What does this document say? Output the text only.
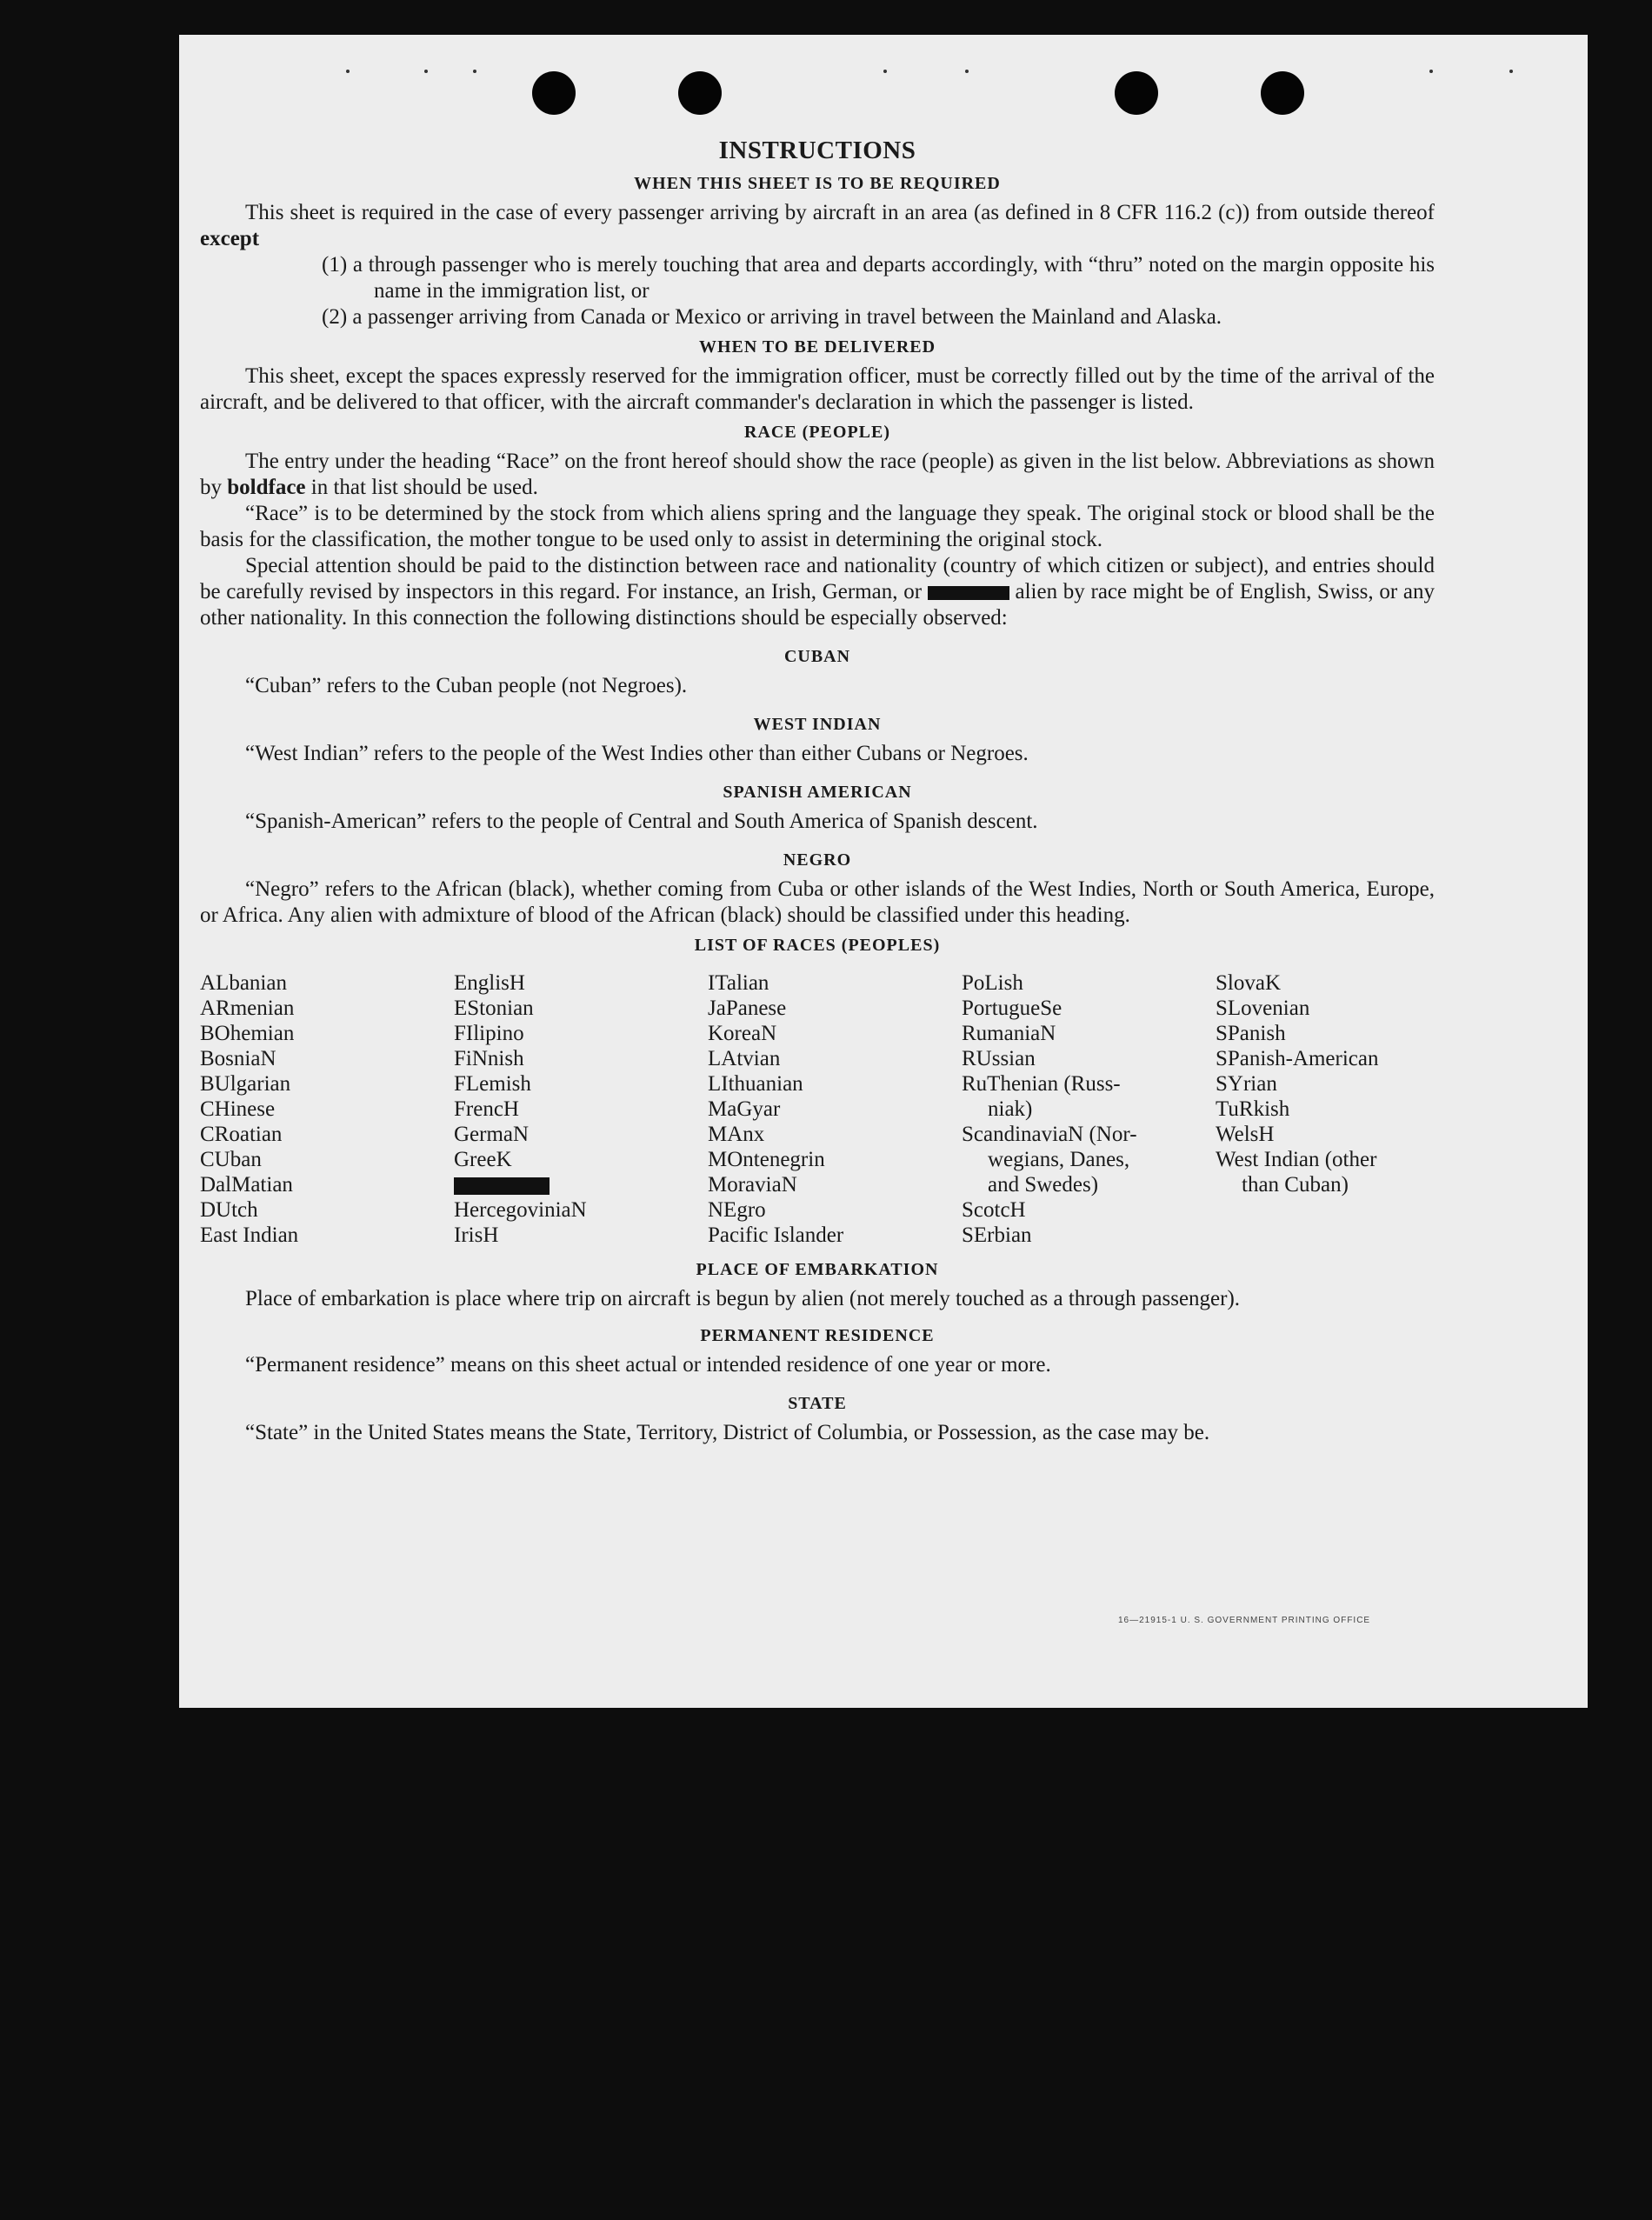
INSTRUCTIONS
WHEN THIS SHEET IS TO BE REQUIRED

This sheet is required in the case of every passenger arriving by aircraft in an area (as defined in 8 CFR 116.2 (c)) from outside thereof except

(1) a through passenger who is merely touching that area and departs accordingly, with “thru” noted on the margin opposite his name in the immigration list, or

(2) a passenger arriving from Canada or Mexico or arriving in travel between the Mainland and Alaska.

WHEN TO BE DELIVERED

This sheet, except the spaces expressly reserved for the immigration officer, must be correctly filled out by the time of the arrival of the aircraft, and be delivered to that officer, with the aircraft commander's declaration in which the passenger is listed.

RACE (PEOPLE)

The entry under the heading “Race” on the front hereof should show the race (people) as given in the list below. Abbreviations as shown by boldface in that list should be used.

“Race” is to be determined by the stock from which aliens spring and the language they speak. The original stock or blood shall be the basis for the classification, the mother tongue to be used only to assist in determining the original stock.

Special attention should be paid to the distinction between race and nationality (country of which citizen or subject), and entries should be carefully revised by inspectors in this regard. For instance, an Irish, German, or	alien by race might be of English, Swiss, or any other nationality. In this connection the following distinctions should be especially observed:

CUBAN

“Cuban” refers to the Cuban people (not Negroes).

WEST INDIAN

“West Indian” refers to the people of the West Indies other than either Cubans or Negroes.

SPANISH AMERICAN

“Spanish-American” refers to the people of Central and South America of Spanish descent.

NEGRO

“Negro” refers to the African (black), whether coming from Cuba or other islands of the West Indies, North or South America, Europe, or Africa. Any alien with admixture of blood of the African (black) should be classified under this heading.

LIST OF RACES (PEOPLES)
ALbanian
ARmenian
BOhemian
BosniaN
BUlgarian
CHinese
CRoatian
CUban
DalMatian
DUtch
East Indian
EnglisH
EStonian
FIlipino
FiNnish
FLemish
FrencH
GermaN
GreeK
HercegoviniaN
IrisH
ITalian
JaPanese
KoreaN
LAtvian
LIthuanian
MaGyar
MAnx
MOntenegrin
MoraviaN
NEgro
Pacific Islander
PoLish
PortugueSe
RumaniaN
RUssian
RuThenian (Russ-
niak)
ScandinaviaN (Nor-
wegians, Danes,
and Swedes)
ScotcH
SErbian
SlovaK
SLovenian
SPanish
SPanish-American
SYrian
TuRkish
WelsH
West Indian (other
than Cuban)
PLACE OF EMBARKATION

Place of embarkation is place where trip on aircraft is begun by alien (not merely touched as a through passenger).

PERMANENT RESIDENCE

“Permanent residence” means on this sheet actual or intended residence of one year or more.

STATE

“State” in the United States means the State, Territory, District of Columbia, or Possession, as the case may be.

16—21915-1 U. S. GOVERNMENT PRINTING OFFICE
